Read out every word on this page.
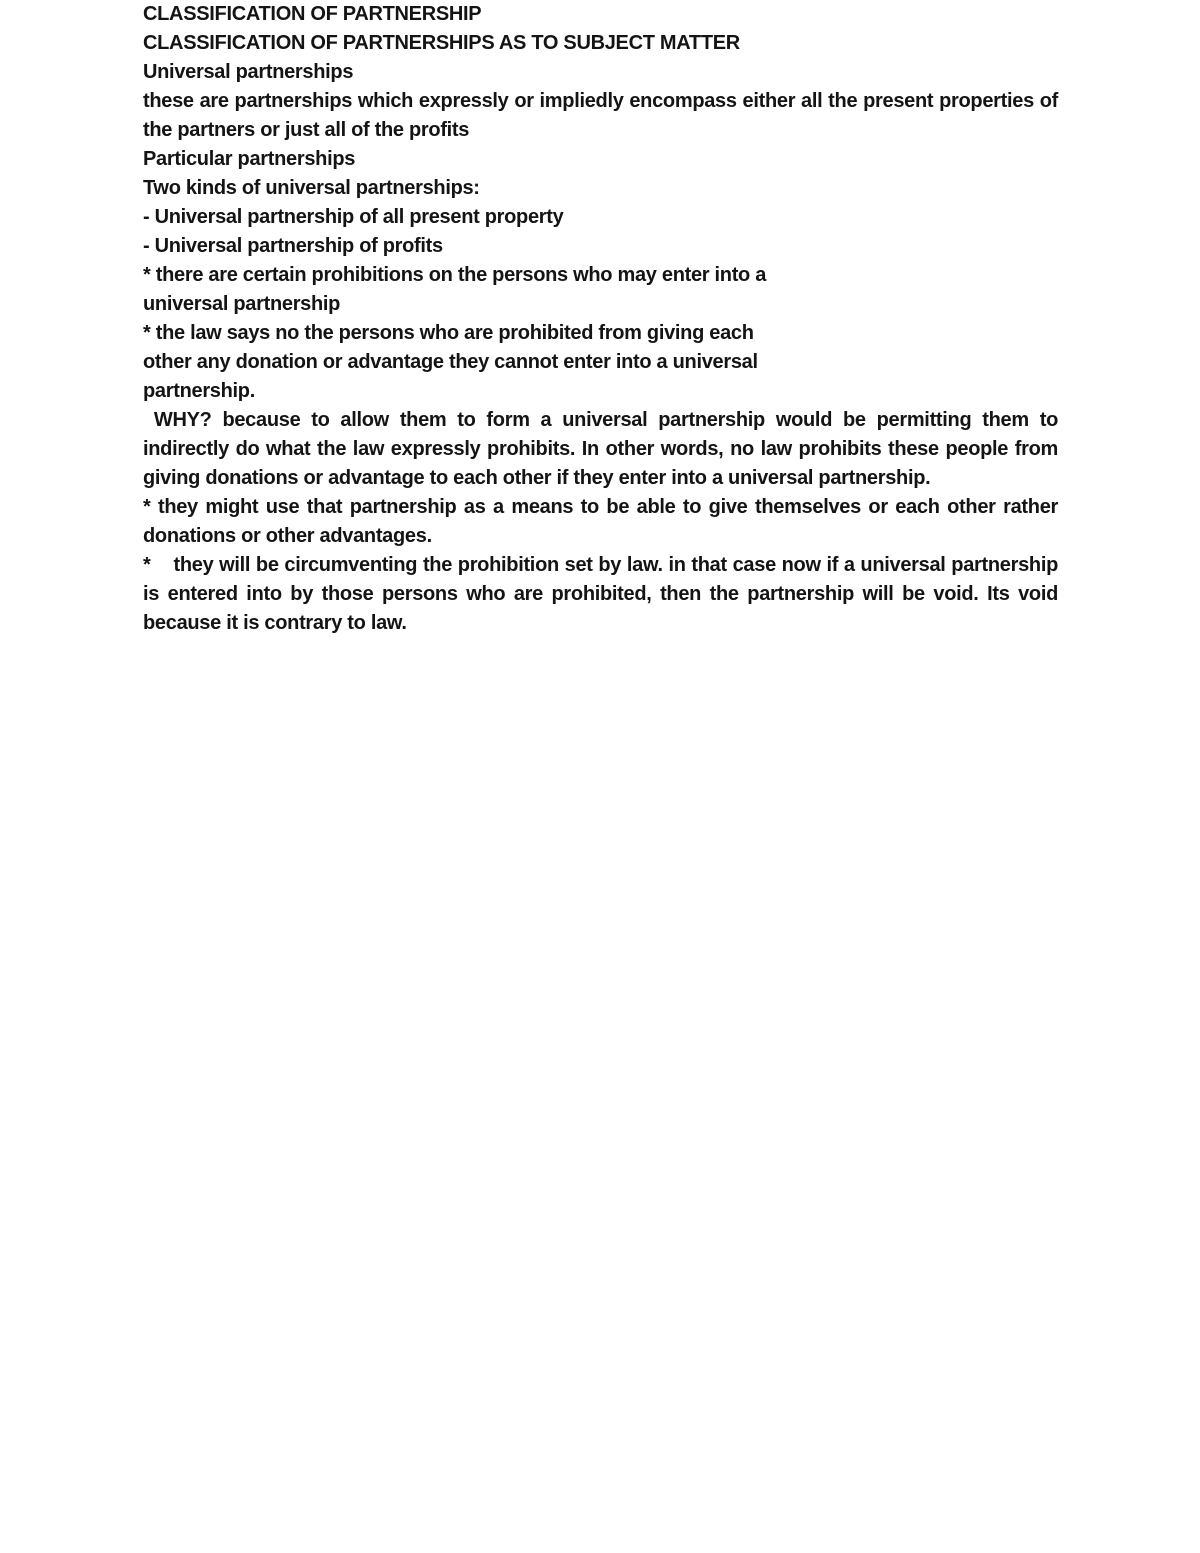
CLASSIFICATION OF PARTNERSHIP

CLASSIFICATION OF PARTNERSHIPS AS TO SUBJECT MATTER

Universal partnerships

these are partnerships which expressly or impliedly encompass either all the present properties of the partners or just all of the profits

Particular partnerships

Two kinds of universal partnerships:

- Universal partnership of all present property

- Universal partnership of profits

* there are certain prohibitions on the persons who may enter into a

universal partnership

* the law says no the persons who are prohibited from giving each

other any donation or advantage they cannot enter into a universal

partnership.

WHY? because to allow them to form a universal partnership would be permitting them to indirectly do what the law expressly prohibits. In other words, no law prohibits these people from giving donations or advantage to each other if they enter into a universal partnership.

* they might use that partnership as a means to be able to give themselves or each other rather donations or other advantages.

*    they will be circumventing the prohibition set by law. in that case now if a universal partnership is entered into by those persons who are prohibited, then the partnership will be void. Its void because it is contrary to law.
